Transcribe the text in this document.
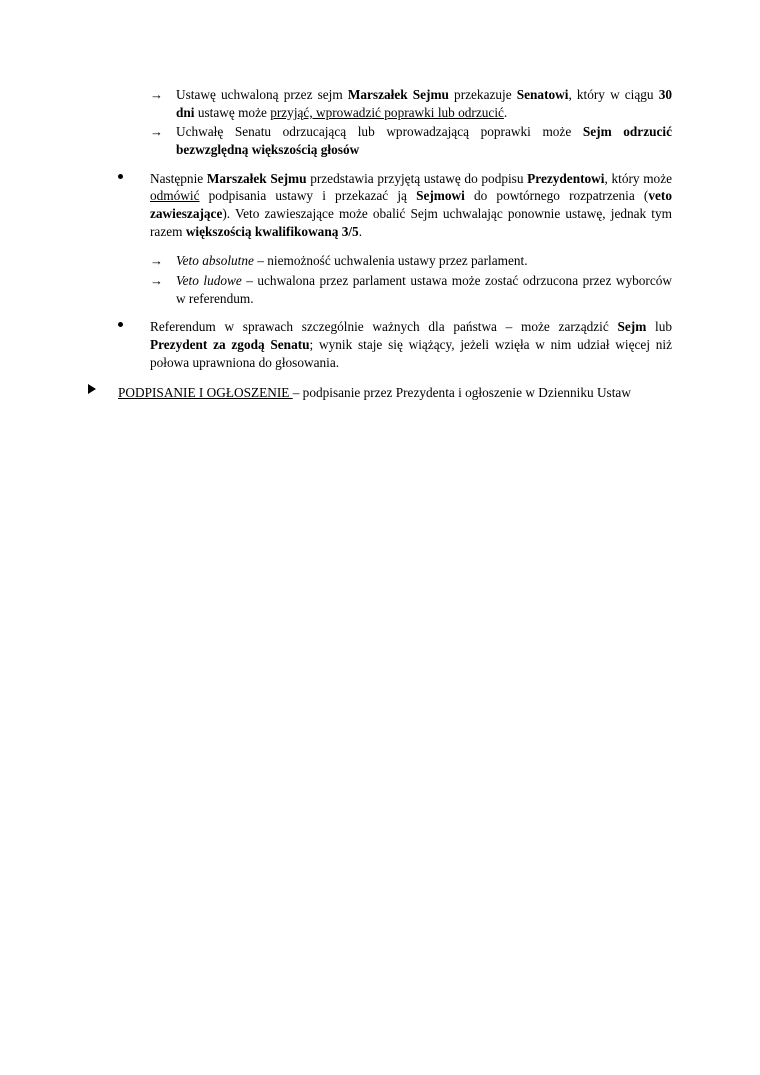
→ Ustawę uchwaloną przez sejm Marszałek Sejmu przekazuje Senatowi, który w ciągu 30 dni ustawę może przyjąć, wprowadzić poprawki lub odrzucić.
→ Uchwałę Senatu odrzucającą lub wprowadzającą poprawki może Sejm odrzucić bezwzględną większością głosów
Następnie Marszałek Sejmu przedstawia przyjętą ustawę do podpisu Prezydentowi, który może odmówić podpisania ustawy i przekazać ją Sejmowi do powtórnego rozpatrzenia (veto zawieszające). Veto zawieszające może obalić Sejm uchwalając ponownie ustawę, jednak tym razem większością kwalifikowaną 3/5.
→ Veto absolutne – niemożność uchwalenia ustawy przez parlament.
→ Veto ludowe – uchwalona przez parlament ustawa może zostać odrzucona przez wyborców w referendum.
Referendum w sprawach szczególnie ważnych dla państwa – może zarządzić Sejm lub Prezydent za zgodą Senatu; wynik staje się wiążący, jeżeli wzięła w nim udział więcej niż połowa uprawniona do głosowania.
PODPISANIE I OGŁOSZENIE – podpisanie przez Prezydenta i ogłoszenie w Dzienniku Ustaw
